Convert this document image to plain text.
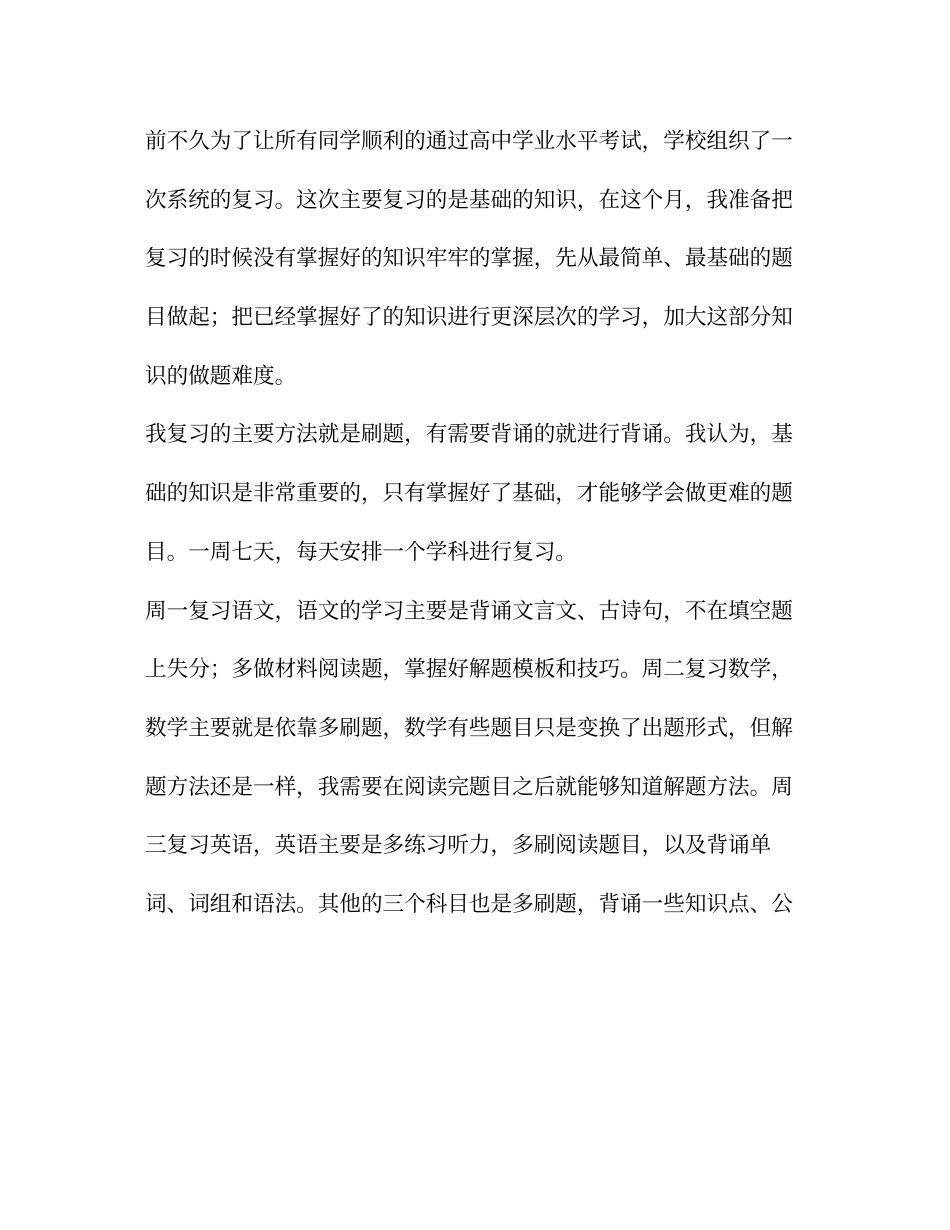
前不久为了让所有同学顺利的通过高中学业水平考试，学校组织了一
次系统的复习。这次主要复习的是基础的知识，在这个月，我准备把
复习的时候没有掌握好的知识牢牢的掌握，先从最简单、最基础的题
目做起；把已经掌握好了的知识进行更深层次的学习，加大这部分知
识的做题难度。
我复习的主要方法就是刷题，有需要背诵的就进行背诵。我认为，基
础的知识是非常重要的，只有掌握好了基础，才能够学会做更难的题
目。一周七天，每天安排一个学科进行复习。
周一复习语文，语文的学习主要是背诵文言文、古诗句，不在填空题
上失分；多做材料阅读题，掌握好解题模板和技巧。周二复习数学，
数学主要就是依靠多刷题，数学有些题目只是变换了出题形式，但解
题方法还是一样，我需要在阅读完题目之后就能够知道解题方法。周
三复习英语，英语主要是多练习听力，多刷阅读题目，以及背诵单
词、词组和语法。其他的三个科目也是多刷题，背诵一些知识点、公
